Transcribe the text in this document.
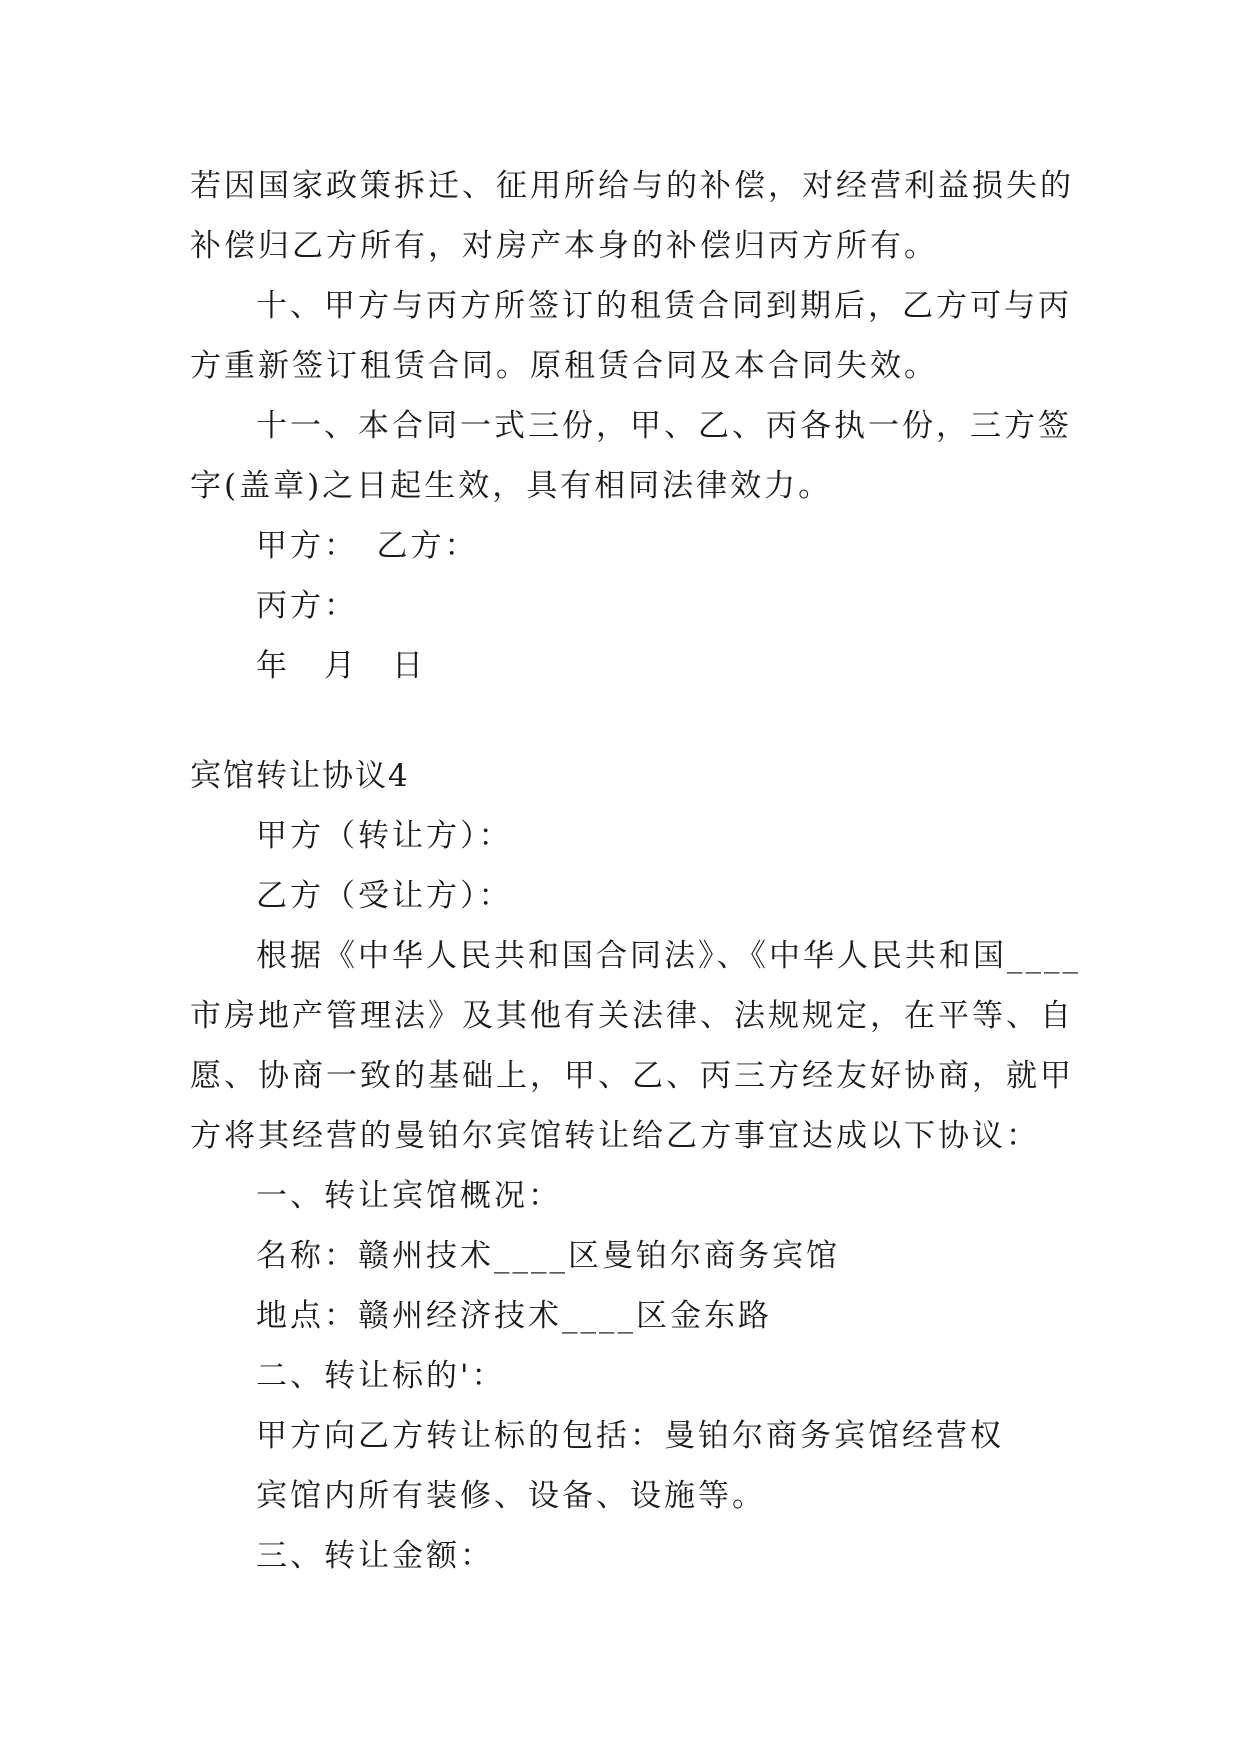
若因国家政策拆迁、征用所给与的补偿，对经营利益损失的
补偿归乙方所有，对房产本身的补偿归丙方所有。
十、甲方与丙方所签订的租赁合同到期后，乙方可与丙
方重新签订租赁合同。原租赁合同及本合同失效。
十一、本合同一式三份，甲、乙、丙各执一份，三方签
字(盖章)之日起生效，具有相同法律效力。
甲方：　乙方：
丙方：
年　月　日
宾馆转让协议4
甲方（转让方）：
乙方（受让方）：
根据《中华人民共和国合同法》、《中华人民共和国____
市房地产管理法》及其他有关法律、法规规定，在平等、自
愿、协商一致的基础上，甲、乙、丙三方经友好协商，就甲
方将其经营的曼铂尔宾馆转让给乙方事宜达成以下协议：
一、转让宾馆概况：
名称：赣州技术____区曼铂尔商务宾馆
地点：赣州经济技术____区金东路
二、转让标的'：
甲方向乙方转让标的包括：曼铂尔商务宾馆经营权
宾馆内所有装修、设备、设施等。
三、转让金额：
